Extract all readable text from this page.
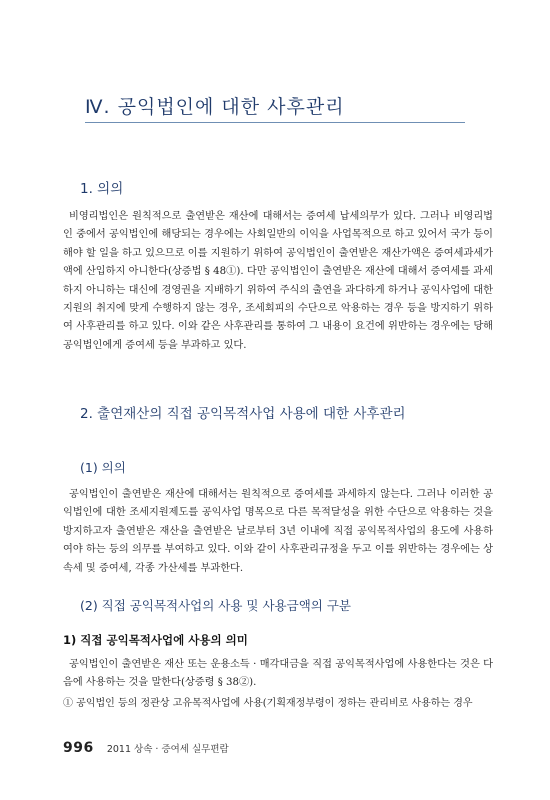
Ⅳ. 공익법인에 대한 사후관리
1. 의의

비영리법인은 원칙적으로 출연받은 재산에 대해서는 증여세 납세의무가 있다. 그러나 비영리법인 중에서 공익법인에 해당되는 경우에는 사회일반의 이익을 사업목적으로 하고 있어서 국가 등이 해야 할 일을 하고 있으므로 이를 지원하기 위하여 공익법인이 출연받은 재산가액은 증여세과세가액에 산입하지 아니한다(상증법 § 48①). 다만 공익법인이 출연받은 재산에 대해서 증여세를 과세하지 아니하는 대신에 경영권을 지배하기 위하여 주식의 출연을 과다하게 하거나 공익사업에 대한 지원의 취지에 맞게 수행하지 않는 경우, 조세회피의 수단으로 악용하는 경우 등을 방지하기 위하여 사후관리를 하고 있다. 이와 같은 사후관리를 통하여 그 내용이 요건에 위반하는 경우에는 당해 공익법인에게 증여세 등을 부과하고 있다.

2. 출연재산의 직접 공익목적사업 사용에 대한 사후관리
(1) 의의

공익법인이 출연받은 재산에 대해서는 원칙적으로 증여세를 과세하지 않는다. 그러나 이러한 공익법인에 대한 조세지원제도를 공익사업 명목으로 다른 목적달성을 위한 수단으로 악용하는 것을 방지하고자 출연받은 재산을 출연받은 날로부터 3년 이내에 직접 공익목적사업의 용도에 사용하여야 하는 등의 의무를 부여하고 있다. 이와 같이 사후관리규정을 두고 이를 위반하는 경우에는 상속세 및 증여세, 각종 가산세를 부과한다.

(2) 직접 공익목적사업의 사용 및 사용금액의 구분
1) 직접 공익목적사업에 사용의 의미

공익법인이 출연받은 재산 또는 운용소득 · 매각대금을 직접 공익목적사업에 사용한다는 것은 다음에 사용하는 것을 말한다(상증령 § 38②).

① 공익법인 등의 정관상 고유목적사업에 사용(기획재정부령이 정하는 관리비로 사용하는 경우
996 2011 상속 · 증여세 실무편람
